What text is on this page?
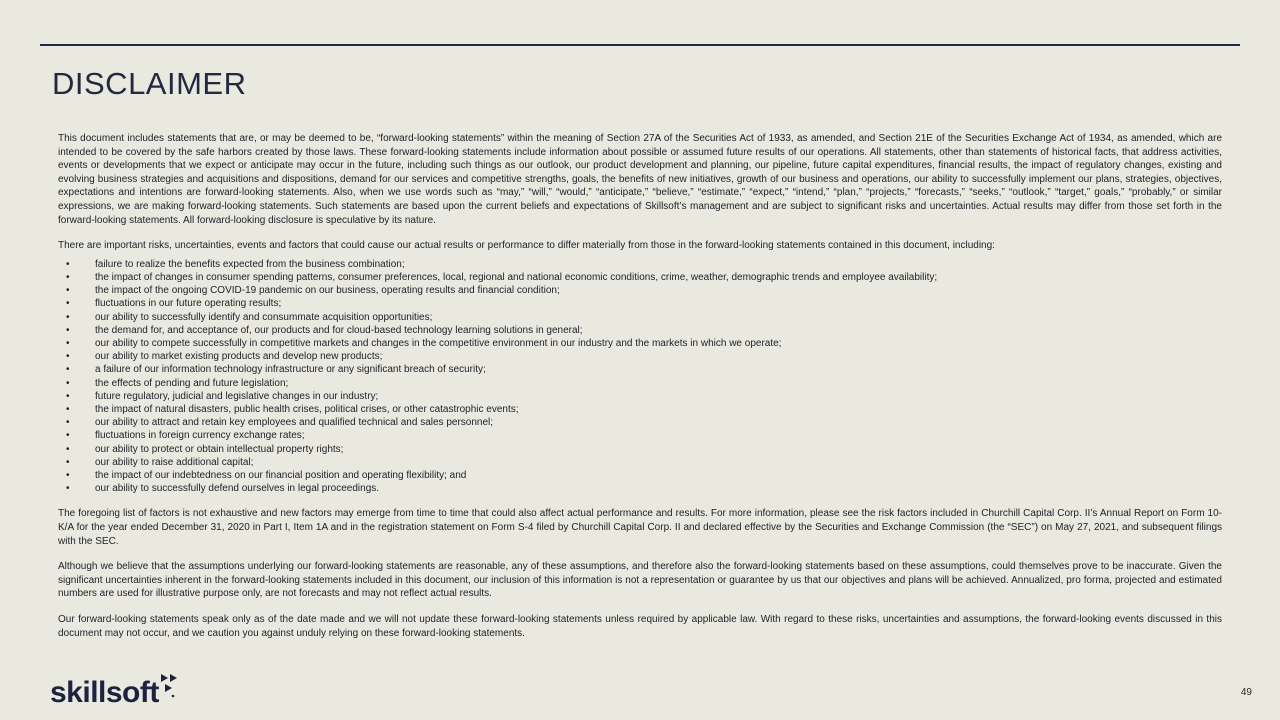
DISCLAIMER

This document includes statements that are, or may be deemed to be, “forward-looking statements” within the meaning of Section 27A of the Securities Act of 1933, as amended, and Section 21E of the Securities Exchange Act of 1934, as amended, which are intended to be covered by the safe harbors created by those laws. These forward-looking statements include information about possible or assumed future results of our operations. All statements, other than statements of historical facts, that address activities, events or developments that we expect or anticipate may occur in the future, including such things as our outlook, our product development and planning, our pipeline, future capital expenditures, financial results, the impact of regulatory changes, existing and evolving business strategies and acquisitions and dispositions, demand for our services and competitive strengths, goals, the benefits of new initiatives, growth of our business and operations, our ability to successfully implement our plans, strategies, objectives, expectations and intentions are forward-looking statements. Also, when we use words such as “may,” “will,” “would,” “anticipate,” “believe,” “estimate,” “expect,” “intend,” “plan,” “projects,” “forecasts,” “seeks,” “outlook,” “target,” goals,” “probably,” or similar expressions, we are making forward-looking statements. Such statements are based upon the current beliefs and expectations of Skillsoft’s management and are subject to significant risks and uncertainties. Actual results may differ from those set forth in the forward-looking statements. All forward-looking disclosure is speculative by its nature.

There are important risks, uncertainties, events and factors that could cause our actual results or performance to differ materially from those in the forward-looking statements contained in this document, including:

•	failure to realize the benefits expected from the business combination;
•	the impact of changes in consumer spending patterns, consumer preferences, local, regional and national economic conditions, crime, weather, demographic trends and employee availability;
•	the impact of the ongoing COVID-19 pandemic on our business, operating results and financial condition;
•	fluctuations in our future operating results;
•	our ability to successfully identify and consummate acquisition opportunities;
•	the demand for, and acceptance of, our products and for cloud-based technology learning solutions in general;
•	our ability to compete successfully in competitive markets and changes in the competitive environment in our industry and the markets in which we operate;
•	our ability to market existing products and develop new products;
•	a failure of our information technology infrastructure or any significant breach of security;
•	the effects of pending and future legislation;
•	future regulatory, judicial and legislative changes in our industry;
•	the impact of natural disasters, public health crises, political crises, or other catastrophic events;
•	our ability to attract and retain key employees and qualified technical and sales personnel;
•	fluctuations in foreign currency exchange rates;
•	our ability to protect or obtain intellectual property rights;
•	our ability to raise additional capital;
•	the impact of our indebtedness on our financial position and operating flexibility; and
•	our ability to successfully defend ourselves in legal proceedings.

The foregoing list of factors is not exhaustive and new factors may emerge from time to time that could also affect actual performance and results. For more information, please see the risk factors included in Churchill Capital Corp. II’s Annual Report on Form 10-K/A for the year ended December 31, 2020 in Part I, Item 1A and in the registration statement on Form S-4 filed by Churchill Capital Corp. II and declared effective by the Securities and Exchange Commission (the “SEC”) on May 27, 2021, and subsequent filings with the SEC.

Although we believe that the assumptions underlying our forward-looking statements are reasonable, any of these assumptions, and therefore also the forward-looking statements based on these assumptions, could themselves prove to be inaccurate. Given the significant uncertainties inherent in the forward-looking statements included in this document, our inclusion of this information is not a representation or guarantee by us that our objectives and plans will be achieved. Annualized, pro forma, projected and estimated numbers are used for illustrative purpose only, are not forecasts and may not reflect actual results.

Our forward-looking statements speak only as of the date made and we will not update these forward-looking statements unless required by applicable law. With regard to these risks, uncertainties and assumptions, the forward-looking events discussed in this document may not occur, and we caution you against unduly relying on these forward-looking statements.

skillsoft	49
